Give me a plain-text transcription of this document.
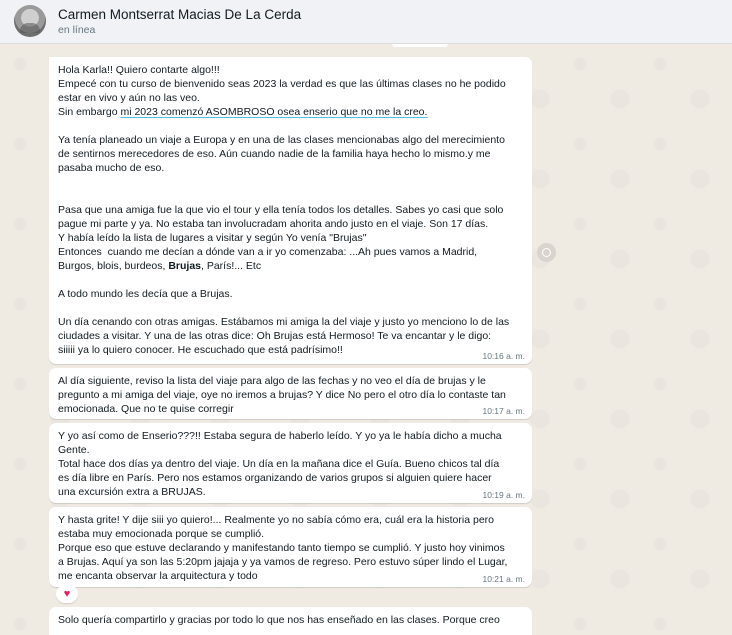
Carmen Montserrat Macias De La Cerda
en línea

Hola Karla!! Quiero contarte algo!!!

Empecé con tu curso de bienvenido seas 2023 la verdad es que las últimas clases no he podido

estar en vivo y aún no las veo.

Sin embargo mi 2023 comenzó ASOMBROSO osea enserio que no me la creo.

Ya tenía planeado un viaje a Europa y en una de las clases mencionabas algo del merecimiento
de sentirnos merecedores de eso. Aún cuando nadie de la familia haya hecho lo mismo.y me
pasaba mucho de eso.

Pasa que una amiga fue la que vio el tour y ella tenía todos los detalles. Sabes yo casi que solo
pague mi parte y ya. No estaba tan involucradam ahorita ando justo en el viaje. Son 17 días.
Y había leído la lista de lugares a visitar y según Yo venía "Brujas"
Entonces  cuando me decían a dónde van a ir yo comenzaba: ...Ah pues vamos a Madrid,

Burgos, blois, burdeos, Brujas, París!... Etc

A todo mundo les decía que a Brujas.

Un día cenando con otras amigas. Estábamos mi amiga la del viaje y justo yo menciono lo de las
ciudades a visitar. Y una de las otras dice: Oh Brujas está Hermoso! Te va encantar y le digo:
siiiii ya lo quiero conocer. He escuchado que está padrísimo!!	10:16 a. m.

Al día siguiente, reviso la lista del viaje para algo de las fechas y no veo el día de brujas y le
pregunto a mi amiga del viaje, oye no iremos a brujas? Y dice No pero el otro día lo contaste tan
emocionada. Que no te quise corregir	10:17 a. m.

Y yo así como de Enserio???!! Estaba segura de haberlo leído. Y yo ya le había dicho a mucha
Gente.
Total hace dos días ya dentro del viaje. Un día en la mañana dice el Guía. Bueno chicos tal día
es día libre en París. Pero nos estamos organizando de varios grupos si alguien quiere hacer
una excursión extra a BRUJAS.	10:19 a. m.

Y hasta grite! Y dije siii yo quiero!... Realmente yo no sabía cómo era, cuál era la historia pero
estaba muy emocionada porque se cumplió.
Porque eso que estuve declarando y manifestando tanto tiempo se cumplió. Y justo hoy vinimos
a Brujas. Aquí ya son las 5:20pm jajaja y ya vamos de regreso. Pero estuvo súper lindo el Lugar,
me encanta observar la arquitectura y todo	10:21 a. m.
♥

Solo quería compartirlo y gracias por todo lo que nos has enseñado en las clases. Porque creo
